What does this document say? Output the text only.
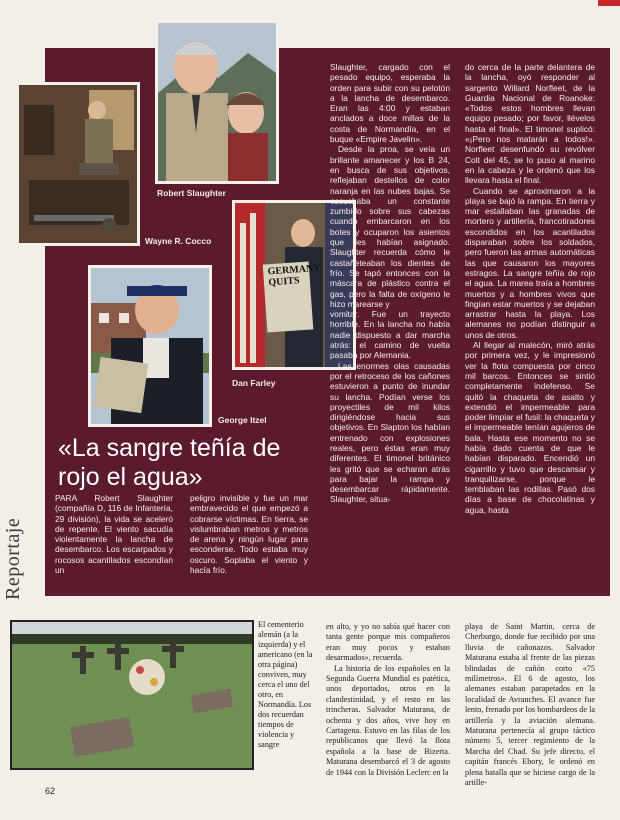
GERMANY QUITS
Robert Slaughter
Wayne R. Cocco
Dan Farley
George Itzel
«La sangre teñía de rojo el agua»

PARA Robert Slaughter (compañía D, 116 de Infantería, 29 división), la vida se aceleró de repente. El viento sacudía violentamente la lancha de desembarco. Los escarpados y rocosos acantilados escondían un

peligro invisible y fue un mar embravecido el que empezó a cobrarse víctimas. En tierra, se vislumbraban metros y metros de arena y ningún lugar para esconderse. Todo estaba muy oscuro. Soplaba el viento y hacía frío.

Slaughter, cargado con el pesado equipo, esperaba la orden para subir con su pelotón a la lancha de desembarco. Eran las 4:00 y estaban anclados a doce millas de la costa de Normandía, en el buque «Empire Javelin».

Desde la proa, se veía un brillante amanecer y los B 24, en busca de sus objetivos, reflejaban destellos de color naranja en las nubes bajas. Se escuchaba un constante zumbido sobre sus cabezas cuando embarcaron en los botes y ocuparon los asientos que les habían asignado. Slaughter recuerda cómo le castañeteaban los dientes de frío. Se tapó entonces con la máscara de plástico contra el gas, pero la falta de oxígeno le hizo marearse y

vomitar. Fue un trayecto horrible. En la lancha no había nadie dispuesto a dar marcha atrás: el camino de vuelta pasaba por Alemania.

Las enormes olas causadas por el retroceso de los cañones estuvieron a punto de inundar su lancha. Podían verse los proyectiles de mil kilos dirigiéndose hacia sus objetivos. En Slapton los habían entrenado con explosiones reales, pero éstas eran muy diferentes. El timonel británico les gritó que se echaran atrás para bajar la rampa y desembarcar rápidamente. Slaughter, situa-

do cerca de la parte delantera de la lancha, oyó responder al sargento Willard Norfleet, de la Guardia Nacional de Roanoke: «Todos estos hombres llevan equipo pesado; por favor, llévelos hasta el final». El timonel suplicó: «¡Pero nos matarán a todos!». Norfleet desenfundó su revólver Colt del 45, se lo puso al marino en la cabeza y le ordenó que los llevara hasta el final.

Cuando se aproximaron a la playa se bajó la rampa. En tierra y mar estallaban las granadas de mortero y artillería, francotiradores escondidos en los acantilados disparaban sobre los soldados, pero fueron las armas automáticas las que causaron los mayores estragos. La sangre teñía de rojo el agua. La marea traía a hombres muertos y a hombres vivos que fingían estar muertos y se dejaban arrastrar hasta la playa. Los alemanes no podían distinguir a unos de otros.

Al llegar al malecón, miró atrás por primera vez, y le impresionó ver la flota compuesta por cinco mil barcos. Entonces se sintió completamente indefenso. Se quitó la chaqueta de asalto y extendió el impermeable para poder limpiar el fusil: la chaqueta y el impermeable tenían agujeros de bala. Hasta ese momento no se había dado cuenta de que le habían disparado. Encendió un cigarrillo y tuvo que descansar y tranquilizarse, porque le temblaban las rodillas. Pasó dos días a base de chocolatinas y agua, hasta

Reportaje
El cementerio alemán (a la izquierda) y el americano (en la otra página) conviven, muy cerca el uno del otro, en Normandía. Los dos recuerdan tiempos de violencia y sangre

en alto, y yo no sabía qué hacer con tanta gente porque mis compañeros eran muy pocos y estaban desarmados», recuerda.

La historia de los españoles en la Segunda Guerra Mundial es patética, unos deportados, otros en la clandestinidad, y el resto en las trincheras. Salvador Maturana, de ochenta y dos años, vive hoy en Cartagena. Estuvo en las filas de los republicanos que llevó la flota española a la base de Bizerta. Maturana desembarcó el 3 de agosto de 1944 con la División Leclerc en la

playa de Saint Martin, cerca de Cherburgo, donde fue recibido por una lluvia de cañonazos. Salvador Maturana estaba al frente de las piezas blindadas de cañón corto «75 milímetros». El 6 de agosto, los alemanes estaban parapetados en la localidad de Avranches. El avance fue lento, frenado por los bombardeos de la artillería y la aviación alemana. Maturana pertenecía al grupo táctico número 5, tercer regimiento de la Marcha del Chad. Su jefe directo, el capitán francés Ebory, le ordenó en plena batalla que se hiciese cargo de la artille-

62
